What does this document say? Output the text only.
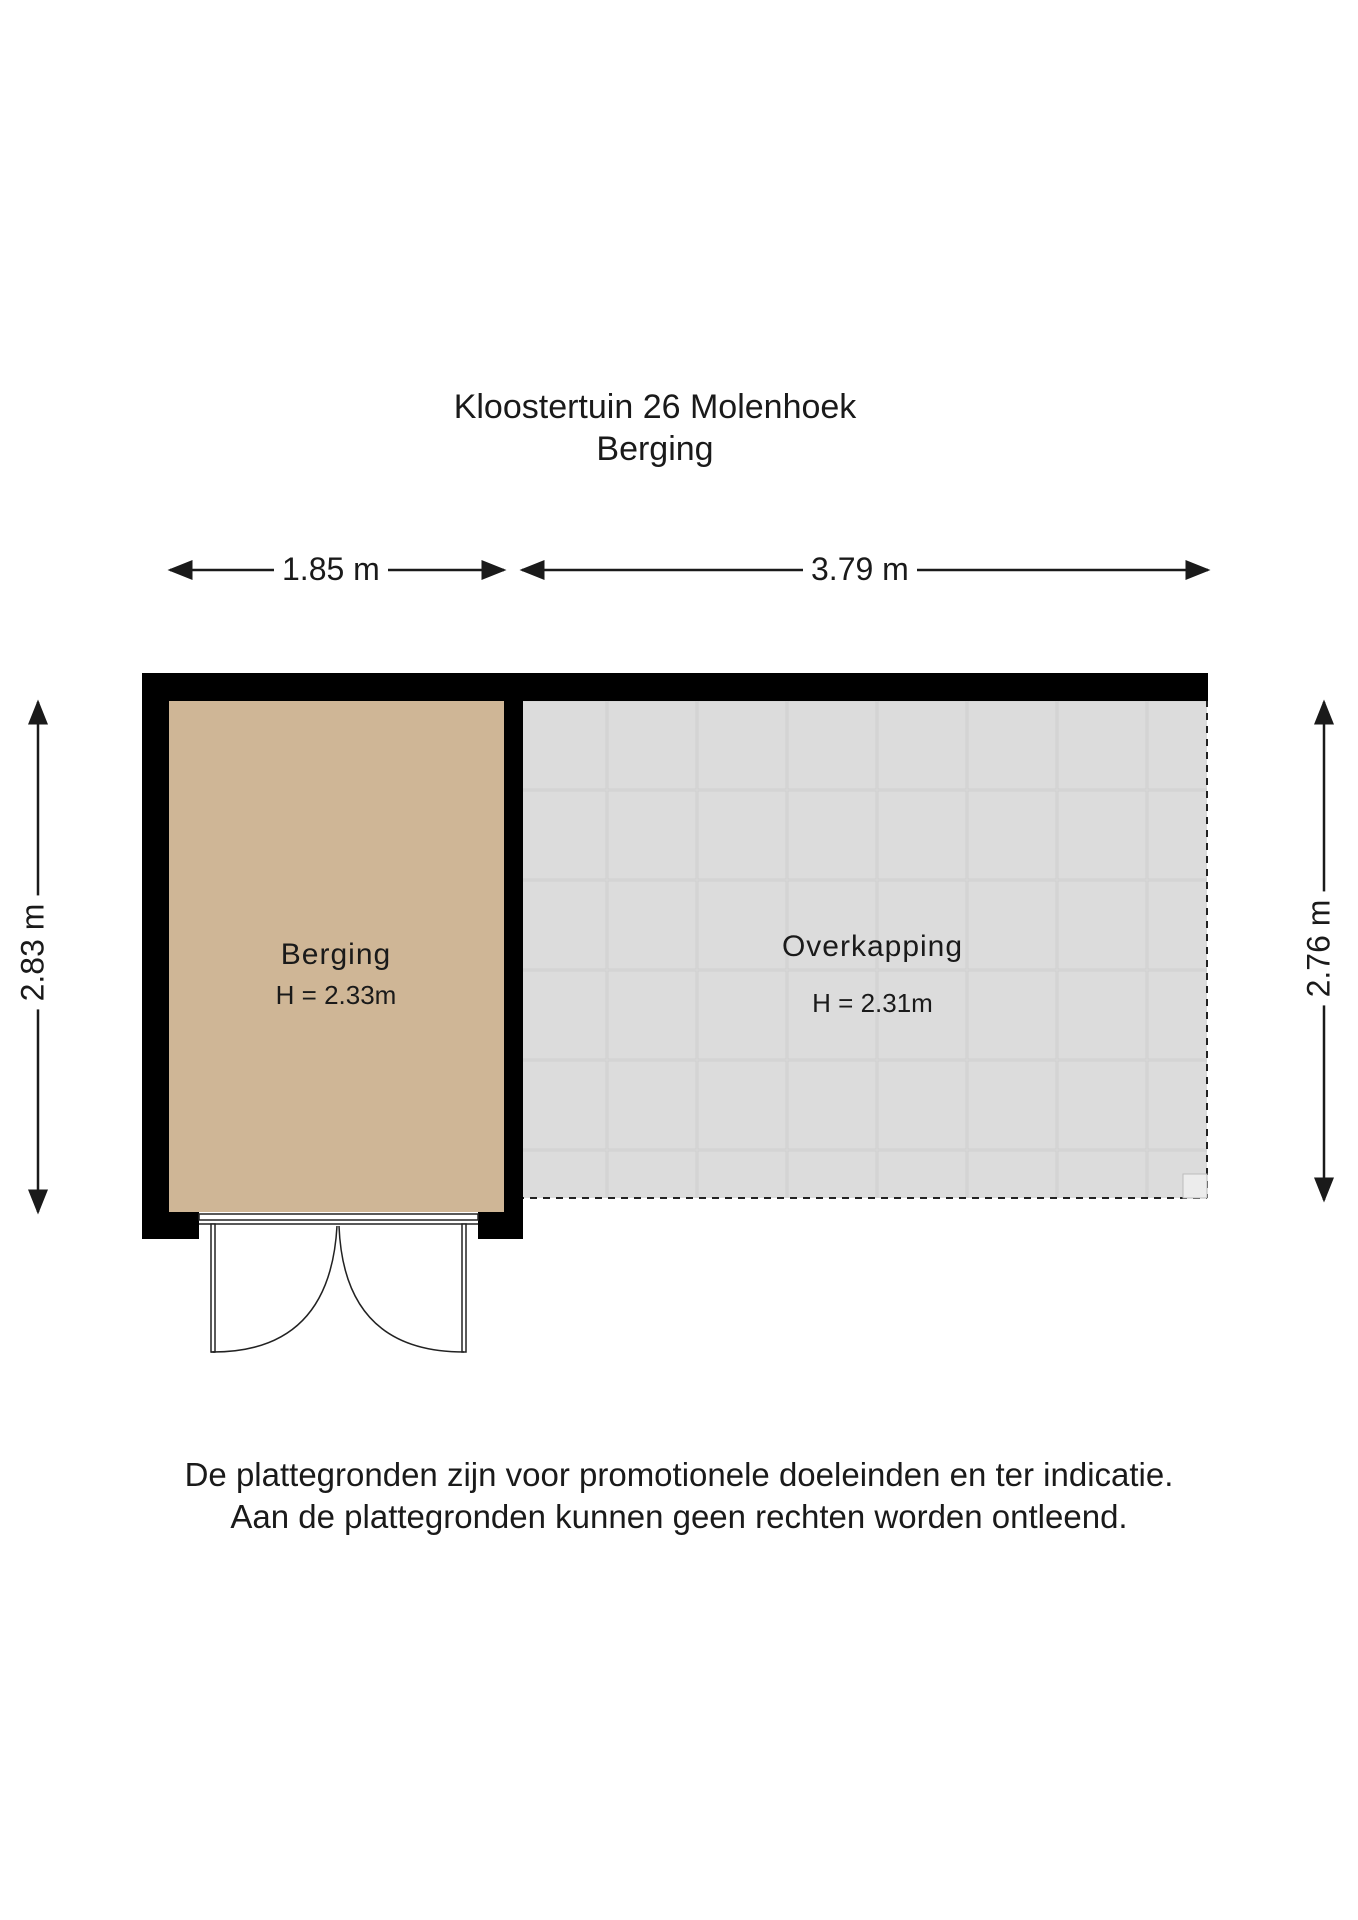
Kloostertuin 26 Molenhoek
Berging
1.85 m	3.79 m
2.83 m	2.76 m
Berging
H = 2.33m
Overkapping
H = 2.31m
De plattegronden zijn voor promotionele doeleinden en ter indicatie.
Aan de plattegronden kunnen geen rechten worden ontleend.
